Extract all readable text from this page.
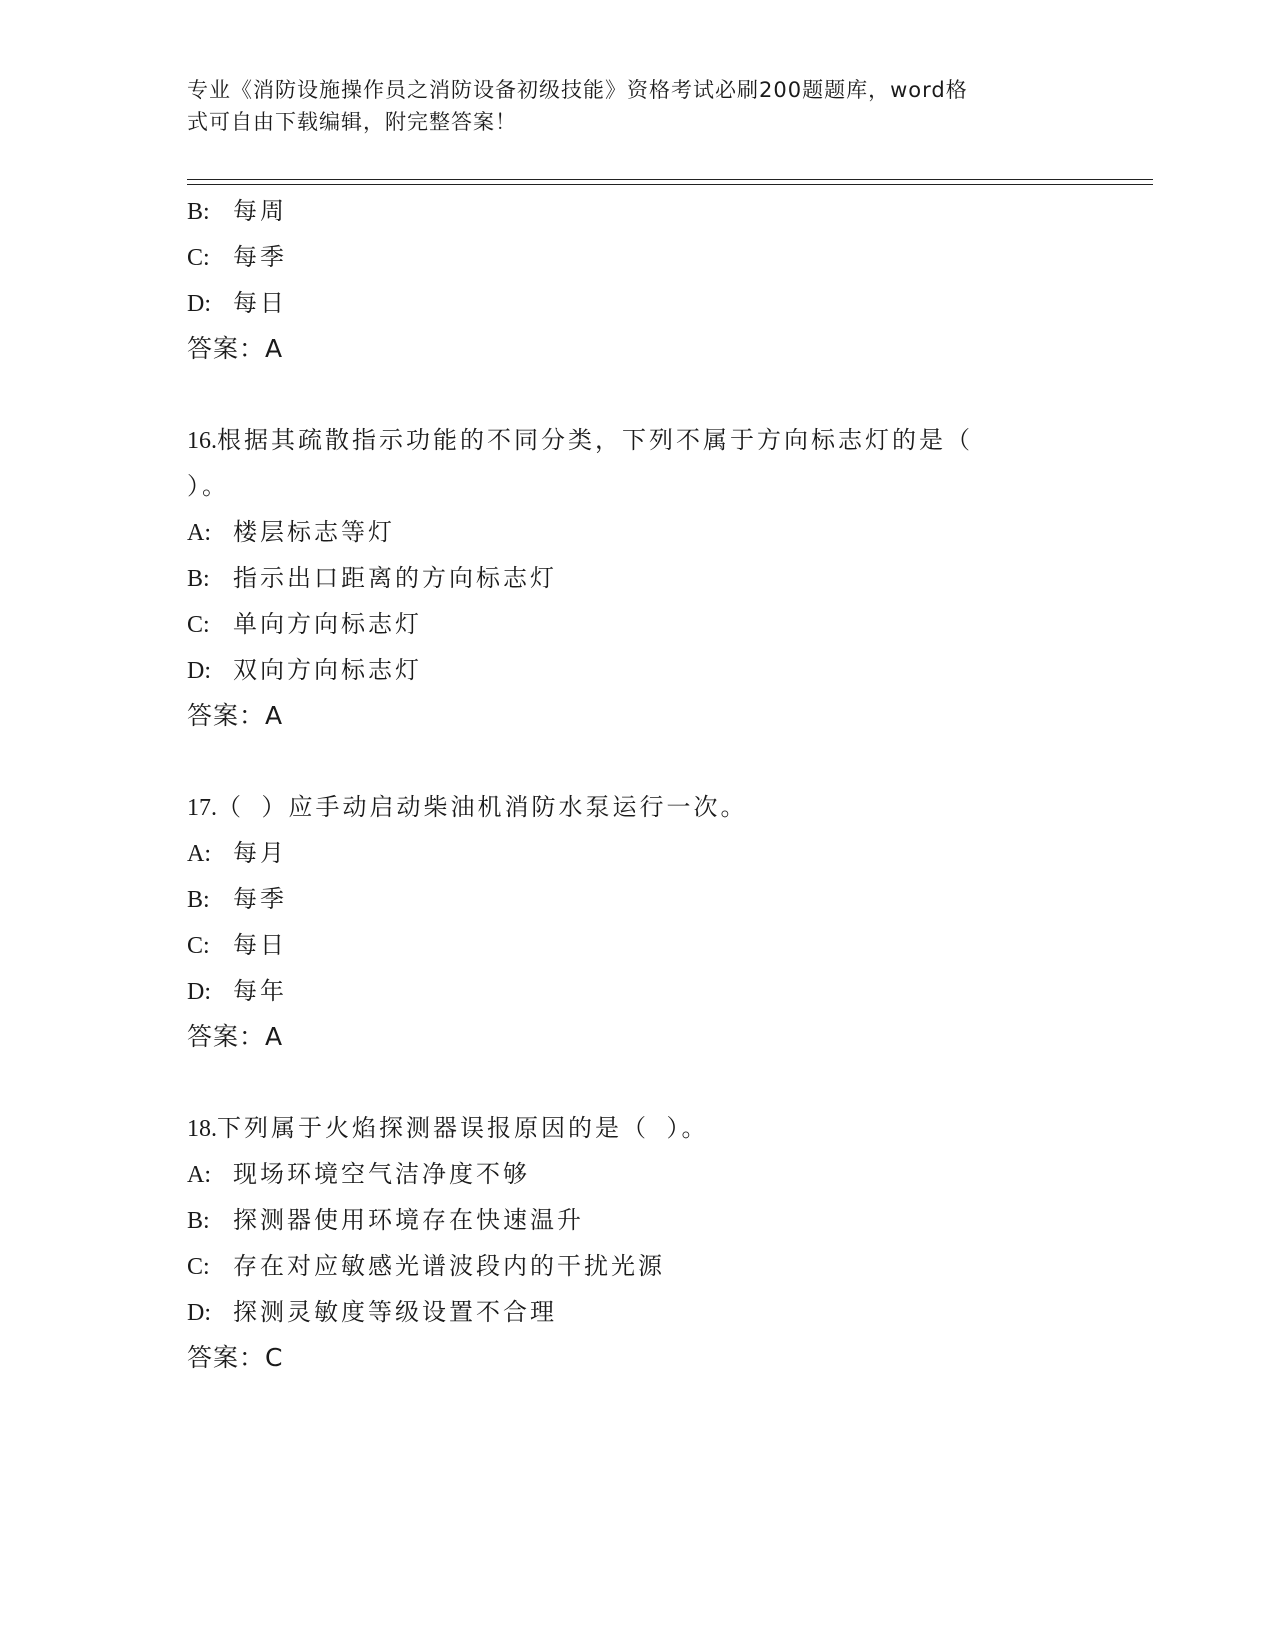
专业《消防设施操作员之消防设备初级技能》资格考试必刷200题题库，word格
式可自由下载编辑，附完整答案！
B: 每周
C: 每季
D: 每日
答案：A
16.根据其疏散指示功能的不同分类，下列不属于方向标志灯的是（
）。
A: 楼层标志等灯
B: 指示出口距离的方向标志灯
C: 单向方向标志灯
D: 双向方向标志灯
答案：A
17.（ ）应手动启动柴油机消防水泵运行一次。
A: 每月
B: 每季
C: 每日
D: 每年
答案：A
18.下列属于火焰探测器误报原因的是（ ）。
A: 现场环境空气洁净度不够
B: 探测器使用环境存在快速温升
C: 存在对应敏感光谱波段内的干扰光源
D: 探测灵敏度等级设置不合理
答案：C
